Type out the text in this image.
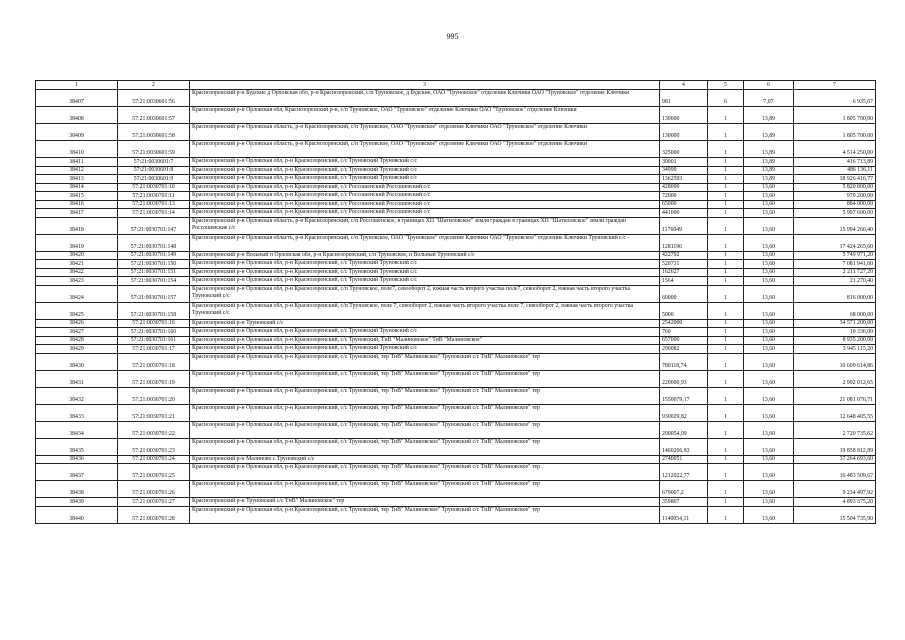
995
1	2	3	4	5	6	7
38407	57:21:0030601:56	Краснозоренский р-н Будские д Орловская обл, р-н Краснозоренский, с/п Труновское, д Будские, ОАО "Труновское" отделение Ключики ОАО "Труновское" отделение Ключики	981	6	7,07	6 935,67
38408	57:21:0030601:57	Краснозоренский р-н Орловская обл, Краснозоренский р-н, с/п Труновское, ОАО "Труновское" отделение Ключики ОАО "Труновское" отделение Ключики	130000	1	13,89	1 805 700,00
38409	57:21:0030601:58	Краснозоренский р-н Орловская область, р-н Краснозоренский, с/п Труновское, ОАО "Труновское" отделение Ключики ОАО "Труновское" отделение Ключики	130000	1	13,89	1 805 700,00
38410	57:21:0030601:59	Краснозоренский р-н Орловская область, р-н Краснозоренский, с/п Труновское, ОАО "Труновское" отделение Ключики ОАО "Труновское" отделение Ключики	325000	1	13,89	4 514 250,00
38411	57:21:0030601:7	Краснозоренский р-н Орловская обл, р-н Краснозоренский, с/с Труновский Труновский с/с	30001	1	13,89	416 713,89
38412	57:21:0030601:8	Краснозоренский р-н Орловская обл, р-н Краснозоренский, с/с Труновский Труновский с/с	34999	1	13,89	486 136,11
38413	57:21:0030601:9	Краснозоренский р-н Орловская обл, р-н Краснозоренский, с/с Труновский Труновский с/с	1362593	1	13,89	18 926 416,77
38414	57:21:0030701:10	Краснозоренский р-н Орловская обл, р-н Краснозоренский, с/с Россошенский Россошенский с/с	428000	1	13,60	5 820 800,00
38415	57:21:0030701:11	Краснозоренский р-н Орловская обл, р-н Краснозоренский, с/с Россошенский Россошенский с/с	72000	1	13,60	979 200,00
38416	57:21:0030701:13	Краснозоренский р-н Орловская обл, р-н Краснозоренский, с/с Россошенский Россошенский с/с	65000	1	13,60	884 000,00
38417	57:21:0030701:14	Краснозоренский р-н Орловская обл, р-н Краснозоренский, с/с Россошенский Россошенский с/с	441000	1	13,60	5 997 600,00
38418	57:21:0030701:147	Краснозоренский р-н Орловская область, р-н Краснозоренский, с/п Россошенское, в границах ХП "Шатиловское" земля граждан в границах ХП "Шатиловское" земли граждан Россошенские с/с	1176049	1	13,60	15 994 266,40
38419	57:21:0030701:148	Краснозоренский р-н Орловская область, р-н Краснозоренский, с/п Труновское, ОАО "Труновское" отделение Ключики ОАО "Труновское" отделение Ключики Труновский с/с -	1281196	1	13,60	17 424 265,60
38420	57:21:0030701:149	Краснозоренский р-н Вольный п Орловская обл, р-н Краснозоренский, с/п Труновское, п Вольный Труновский с/с	422792	1	13,60	5 749 971,20
38421	57:21:0030701:150	Краснозоренский р-н Орловская обл, р-н Краснозоренский, с/с Труновский Труновский с/с	520731	1	13,60	7 081 941,60
38422	57:21:0030701:151	Краснозоренский р-н Орловская обл, р-н Краснозоренский, с/с Труновский Труновский с/с	162627	1	13,60	2 211 727,20
38423	57:21:0030701:154	Краснозоренский р-н Орловская обл, р-н Краснозоренский, с/с Труновский Труновский с/с	1564	1	13,60	21 270,40
38424	57:21:0030701:157	Краснозоренский р-н Орловская обл, р-н Краснозоренский, с/п Труновское, поле7, севооборот 2, южная часть второго участка поле7, севооборот 2, южная часть второго участка Труновский с/с	60000	1	13,60	816 000,00
38425	57:21:0030701:158	Краснозоренский р-н Орловская обл, р-н Краснозоренский, с/п Труновское, поле 7, севооборот 2, южная часть второго участка поле 7, севооборот 2, южная часть второго участка Труновский с/с	5000	1	13,60	68 000,00
38426	57:21:0030701:16	Краснозоренский р-н Труновский с/с	2542000	1	13,60	34 571 200,00
38427	57:21:0030701:160	Краснозоренский р-н Орловская обл, р-н Краснозоренский, с/с Труновский Труновский с/с	760	1	13,60	10 336,00
38428	57:21:0030701:161	Краснозоренский р-н Орловская обл, р-н Краснозоренский, с/с Труновский, ТнВ "Малиновское" ТнВ "Малиновское"	657000	1	13,60	8 935 200,00
38429	57:21:0030701:17	Краснозоренский р-н Орловская обл, р-н Краснозоренский, с/с Труновский Труновский с/с	290082	1	13,60	3 945 115,20
38430	57:21:0030701:18	Краснозоренский р-н Орловская обл, р-н Краснозоренский, с/с Труновский, тер ТнВ" Малиновское" Труновский с/с ТнВ" Малиновское" тер	780118,74	1	13,60	10 609 614,86
38431	57:21:0030701:19	Краснозоренский р-н Орловская обл, р-н Краснозоренский, с/с Труновский, тер ТнВ" Малиновское" Труновский с/с ТнВ" Малиновское" тер	220000,93	1	13,60	2 992 012,65
38432	57:21:0030701:20	Краснозоренский р-н Орловская обл, р-н Краснозоренский, с/с Труновский, тер ТнВ" Малиновское" Труновский с/с ТнВ" Малиновское" тер	1550079,17	1	13,60	21 081 076,71
38433	57:21:0030701:21	Краснозоренский р-н Орловская обл, р-н Краснозоренский, с/с Труновский, тер ТнВ" Малиновское" Труновский с/с ТнВ" Малиновское" тер	930029,82	1	13,60	12 648 405,55
38434	57:21:0030701:22	Краснозоренский р-н Орловская обл, р-н Краснозоренский, с/с Труновский, тер ТнВ" Малиновское" Труновский с/с ТнВ" Малиновское" тер	200054,09	1	13,60	2 720 735,62
38435	57:21:0030701:23	Краснозоренский р-н Орловская обл, р-н Краснозоренский, с/с Труновский, тер ТнВ" Малиновское" Труновский с/с ТнВ" Малиновское" тер	1460206,83	1	13,60	19 858 812,89
38436	57:21:0030701:24	Краснозоренский р-н Малиново с Труновский с/с	2740051	1	13,60	37 264 693,60
38437	57:21:0030701:25	Краснозоренский р-н Орловская обл, р-н Краснозоренский, с/с Труновский, тер ТнВ" Малиновское" Труновский с/с ТнВ" Малиновское" тер	1212022,77	1	13,60	16 483 509,67
38438	57:21:0030701:26	Краснозоренский р-н Орловская обл, р-н Краснозоренский, с/с Труновский, тер ТнВ" Малиновское" Труновский с/с ТнВ" Малиновское" тер	679007,2	1	13,60	9 234 497,92
38439	57:21:0030701:27	Краснозоренский р-н Труновский с/с ТнВ" Малиновское" тер	359807	1	13,60	4 893 375,20
38440	57:21:0030701:28	Краснозоренский р-н Орловская обл, р-н Краснозоренский, с/с Труновский, тер ТнВ" Малиновское" Труновский с/с ТнВ" Малиновское" тер	1140054,11	1	13,60	15 504 735,90
